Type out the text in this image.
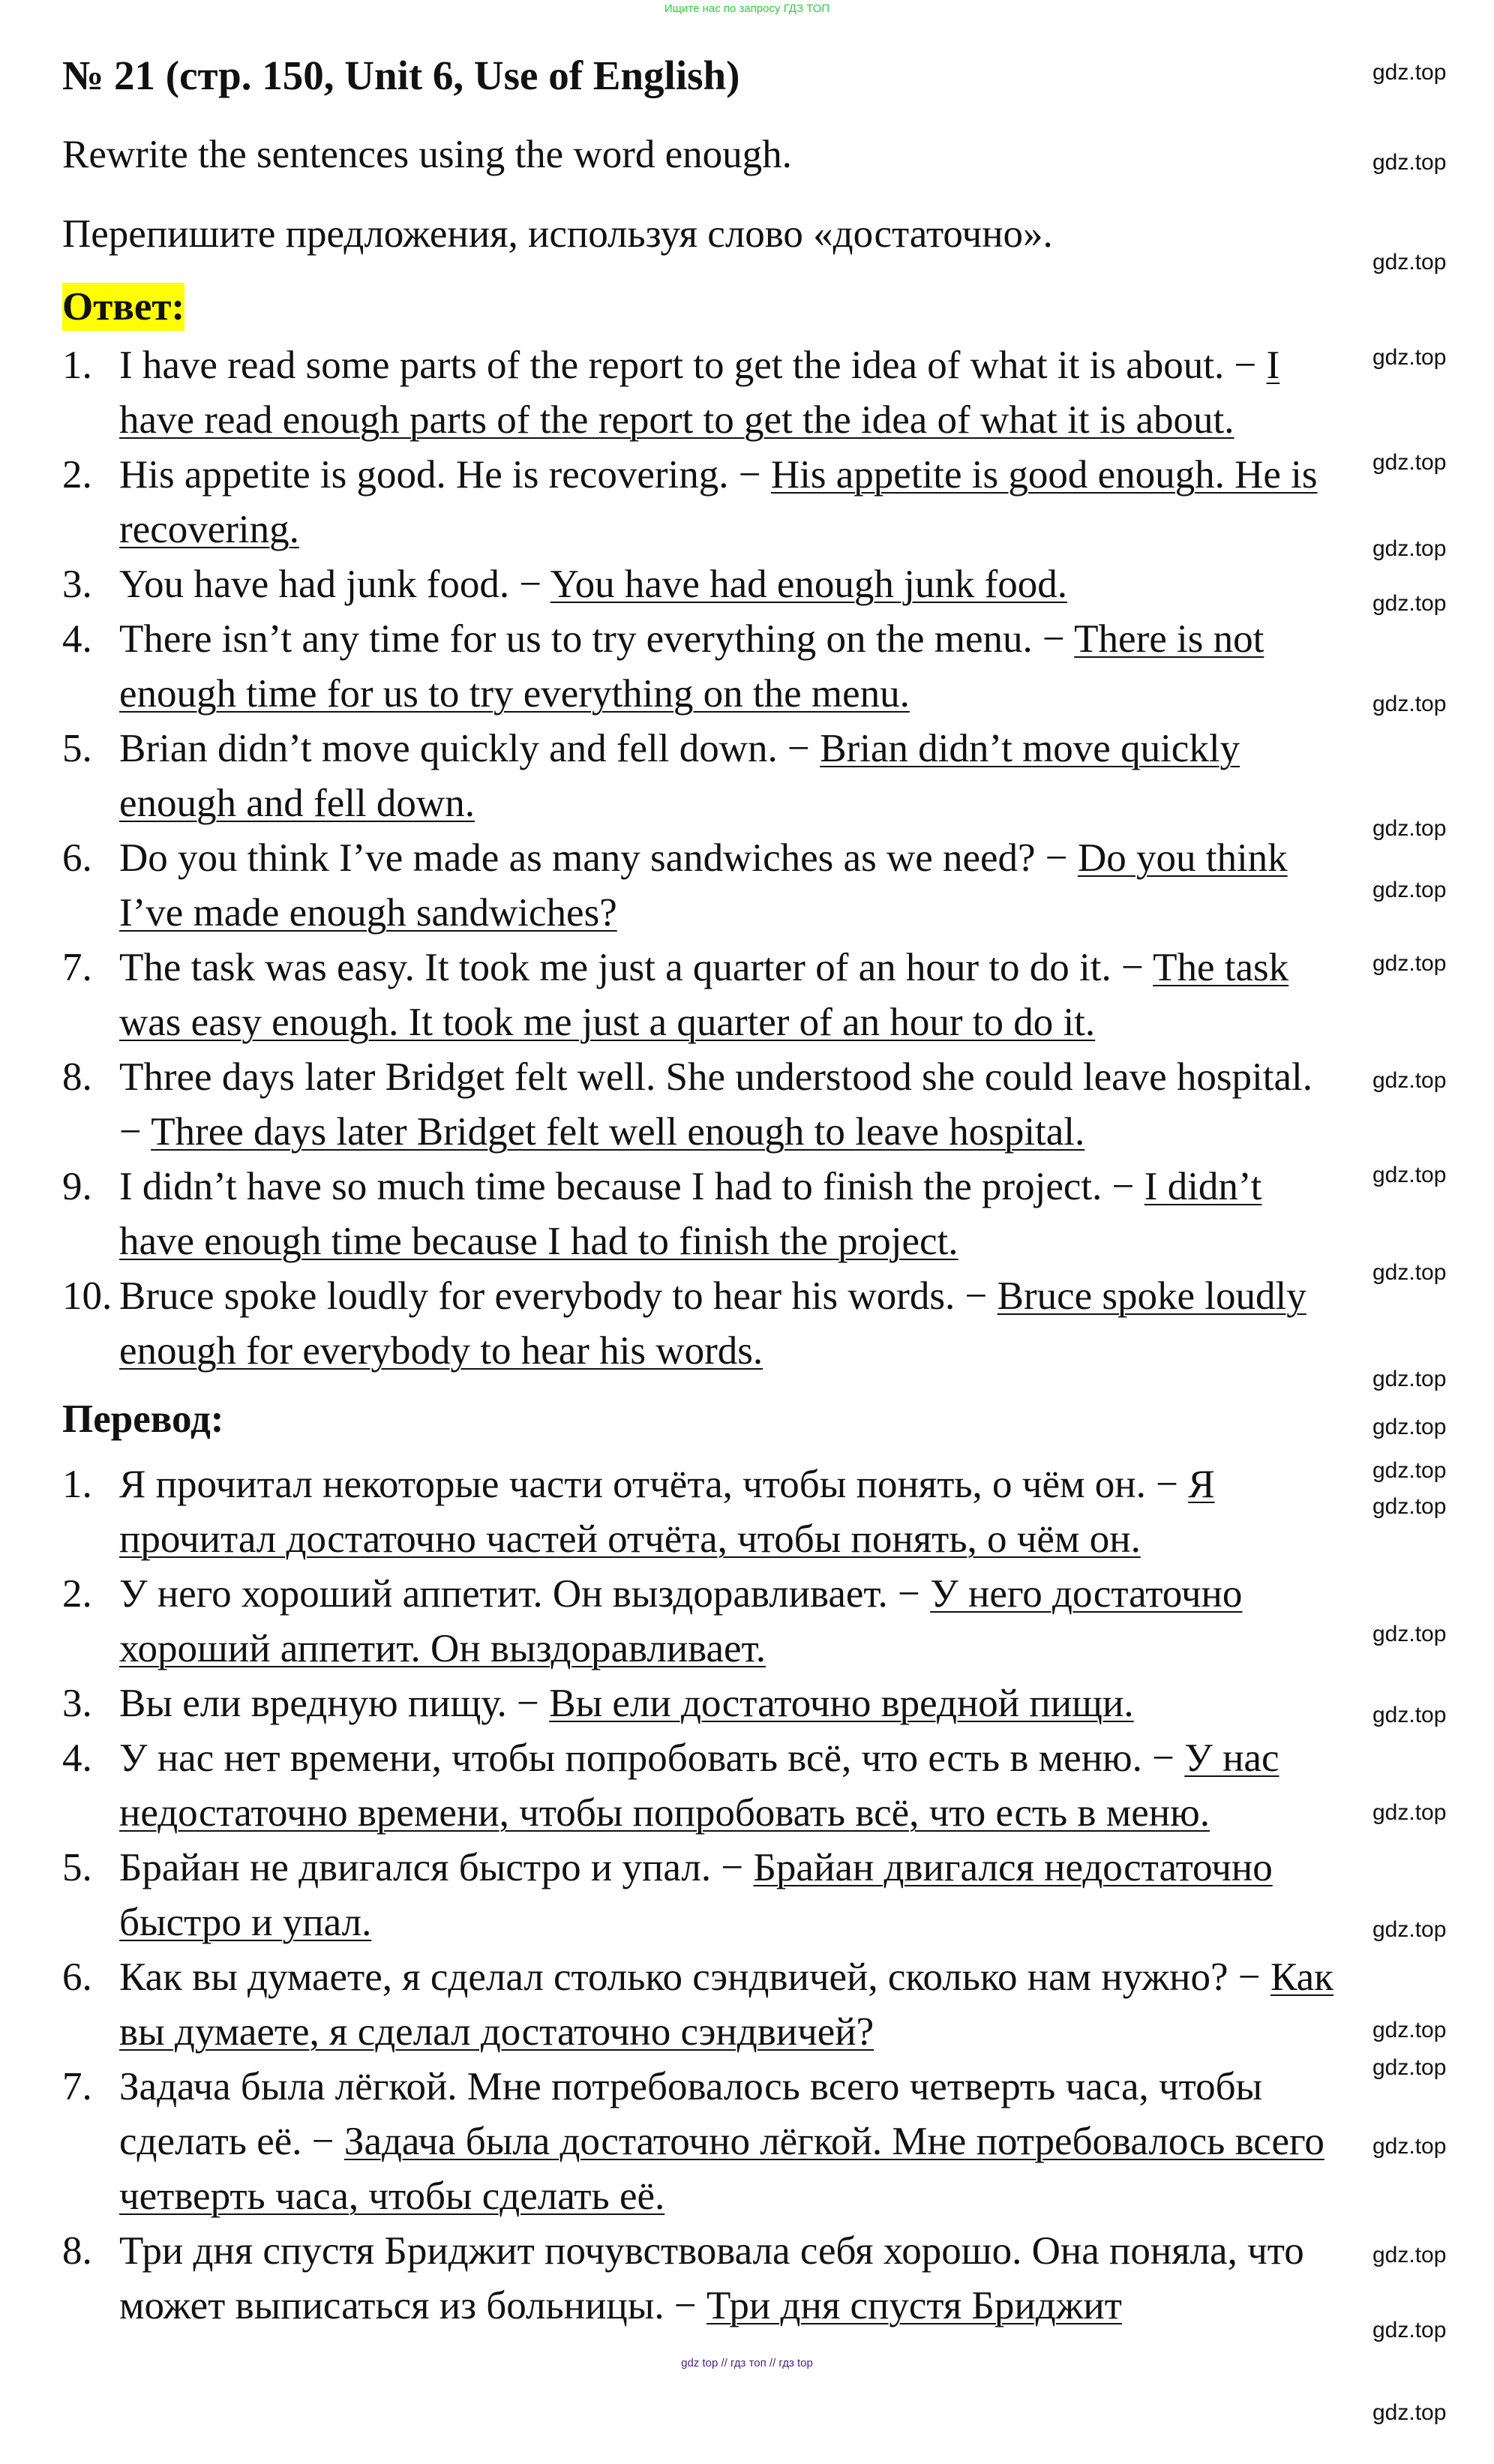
Ищите нас по запросу ГДЗ ТОП
№ 21 (стр. 150, Unit 6, Use of English)

Rewrite the sentences using the word enough.

Перепишите предложения, используя слово «достаточно».

Ответ:
1. I have read some parts of the report to get the idea of what it is about. − I have read enough parts of the report to get the idea of what it is about.
2. His appetite is good. He is recovering. − His appetite is good enough. He is recovering.
3. You have had junk food. − You have had enough junk food.
4. There isn’t any time for us to try everything on the menu. − There is not enough time for us to try everything on the menu.
5. Brian didn’t move quickly and fell down. − Brian didn’t move quickly enough and fell down.
6. Do you think I’ve made as many sandwiches as we need? − Do you think I’ve made enough sandwiches?
7. The task was easy. It took me just a quarter of an hour to do it. − The task was easy enough. It took me just a quarter of an hour to do it.
8. Three days later Bridget felt well. She understood she could leave hospital. − Three days later Bridget felt well enough to leave hospital.
9. I didn’t have so much time because I had to finish the project. − I didn’t have enough time because I had to finish the project.
10. Bruce spoke loudly for everybody to hear his words. − Bruce spoke loudly enough for everybody to hear his words.
Перевод:
1. Я прочитал некоторые части отчёта, чтобы понять, о чём он. − Я прочитал достаточно частей отчёта, чтобы понять, о чём он.
2. У него хороший аппетит. Он выздоравливает. − У него достаточно хороший аппетит. Он выздоравливает.
3. Вы ели вредную пищу. − Вы ели достаточно вредной пищи.
4. У нас нет времени, чтобы попробовать всё, что есть в меню. − У нас недостаточно времени, чтобы попробовать всё, что есть в меню.
5. Брайан не двигался быстро и упал. − Брайан двигался недостаточно быстро и упал.
6. Как вы думаете, я сделал столько сэндвичей, сколько нам нужно? − Как вы думаете, я сделал достаточно сэндвичей?
7. Задача была лёгкой. Мне потребовалось всего четверть часа, чтобы сделать её. − Задача была достаточно лёгкой. Мне потребовалось всего четверть часа, чтобы сделать её.
8. Три дня спустя Бриджит почувствовала себя хорошо. Она поняла, что может выписаться из больницы. − Три дня спустя Бриджит
gdz.top
gdz.top
gdz.top
gdz.top
gdz.top
gdz.top
gdz.top
gdz.top
gdz.top
gdz.top
gdz.top
gdz.top
gdz.top
gdz.top
gdz.top
gdz.top
gdz.top
gdz.top
gdz.top
gdz.top
gdz.top
gdz.top
gdz.top
gdz.top
gdz.top
gdz.top
gdz.top
gdz.top
gdz top // гдз топ // гдз top
